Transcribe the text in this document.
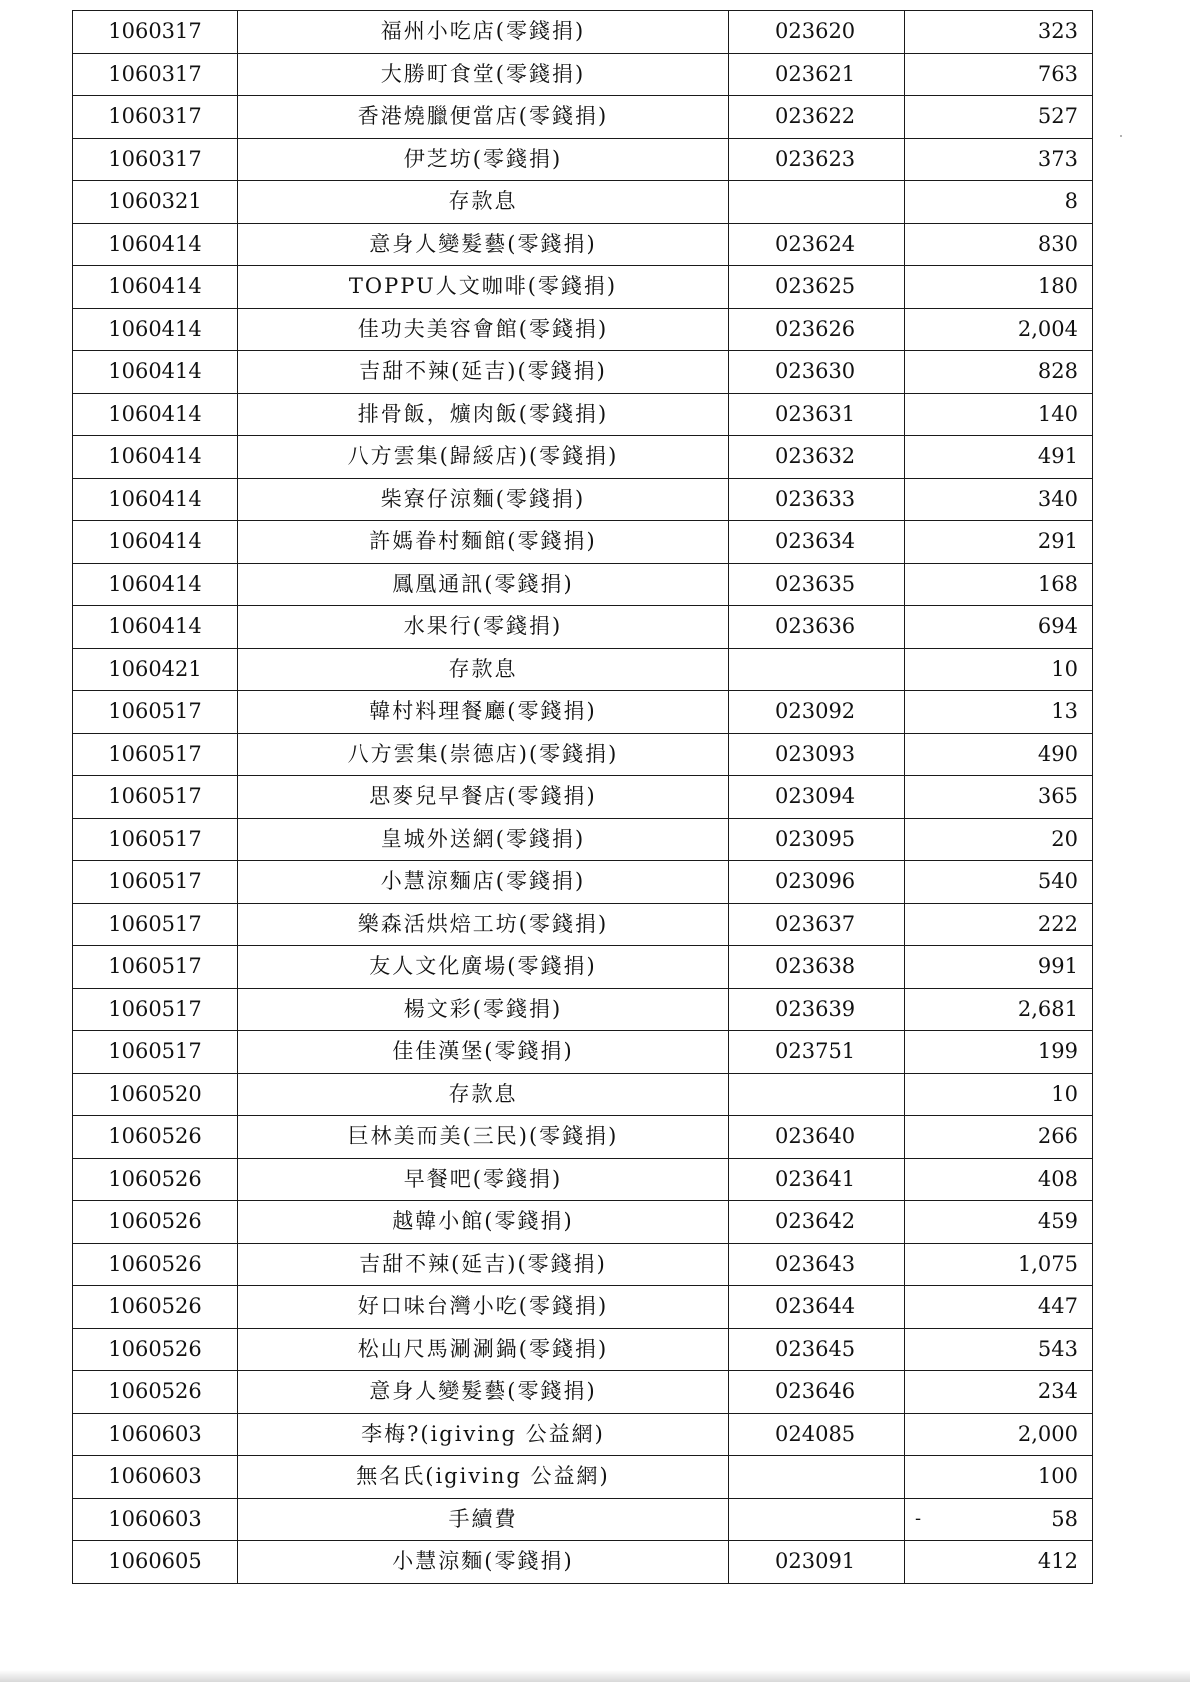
1060317	福州小吃店(零錢捐)	023620	323
1060317	大勝町食堂(零錢捐)	023621	763
1060317	香港燒臘便當店(零錢捐)	023622	527
1060317	伊芝坊(零錢捐)	023623	373
1060321	存款息		8
1060414	意身人變髮藝(零錢捐)	023624	830
1060414	TOPPU人文咖啡(零錢捐)	023625	180
1060414	佳功夫美容會館(零錢捐)	023626	2,004
1060414	吉甜不辣(延吉)(零錢捐)	023630	828
1060414	排骨飯，爌肉飯(零錢捐)	023631	140
1060414	八方雲集(歸綏店)(零錢捐)	023632	491
1060414	柴寮仔涼麵(零錢捐)	023633	340
1060414	許媽眷村麵館(零錢捐)	023634	291
1060414	鳳凰通訊(零錢捐)	023635	168
1060414	水果行(零錢捐)	023636	694
1060421	存款息		10
1060517	韓村料理餐廳(零錢捐)	023092	13
1060517	八方雲集(崇德店)(零錢捐)	023093	490
1060517	思麥兒早餐店(零錢捐)	023094	365
1060517	皇城外送網(零錢捐)	023095	20
1060517	小慧涼麵店(零錢捐)	023096	540
1060517	樂森活烘焙工坊(零錢捐)	023637	222
1060517	友人文化廣場(零錢捐)	023638	991
1060517	楊文彩(零錢捐)	023639	2,681
1060517	佳佳漢堡(零錢捐)	023751	199
1060520	存款息		10
1060526	巨林美而美(三民)(零錢捐)	023640	266
1060526	早餐吧(零錢捐)	023641	408
1060526	越韓小館(零錢捐)	023642	459
1060526	吉甜不辣(延吉)(零錢捐)	023643	1,075
1060526	好口味台灣小吃(零錢捐)	023644	447
1060526	松山尺馬涮涮鍋(零錢捐)	023645	543
1060526	意身人變髮藝(零錢捐)	023646	234
1060603	李梅?(igiving 公益網)	024085	2,000
1060603	無名氏(igiving 公益網)		100
1060603	手續費		- 58
1060605	小慧涼麵(零錢捐)	023091	412
